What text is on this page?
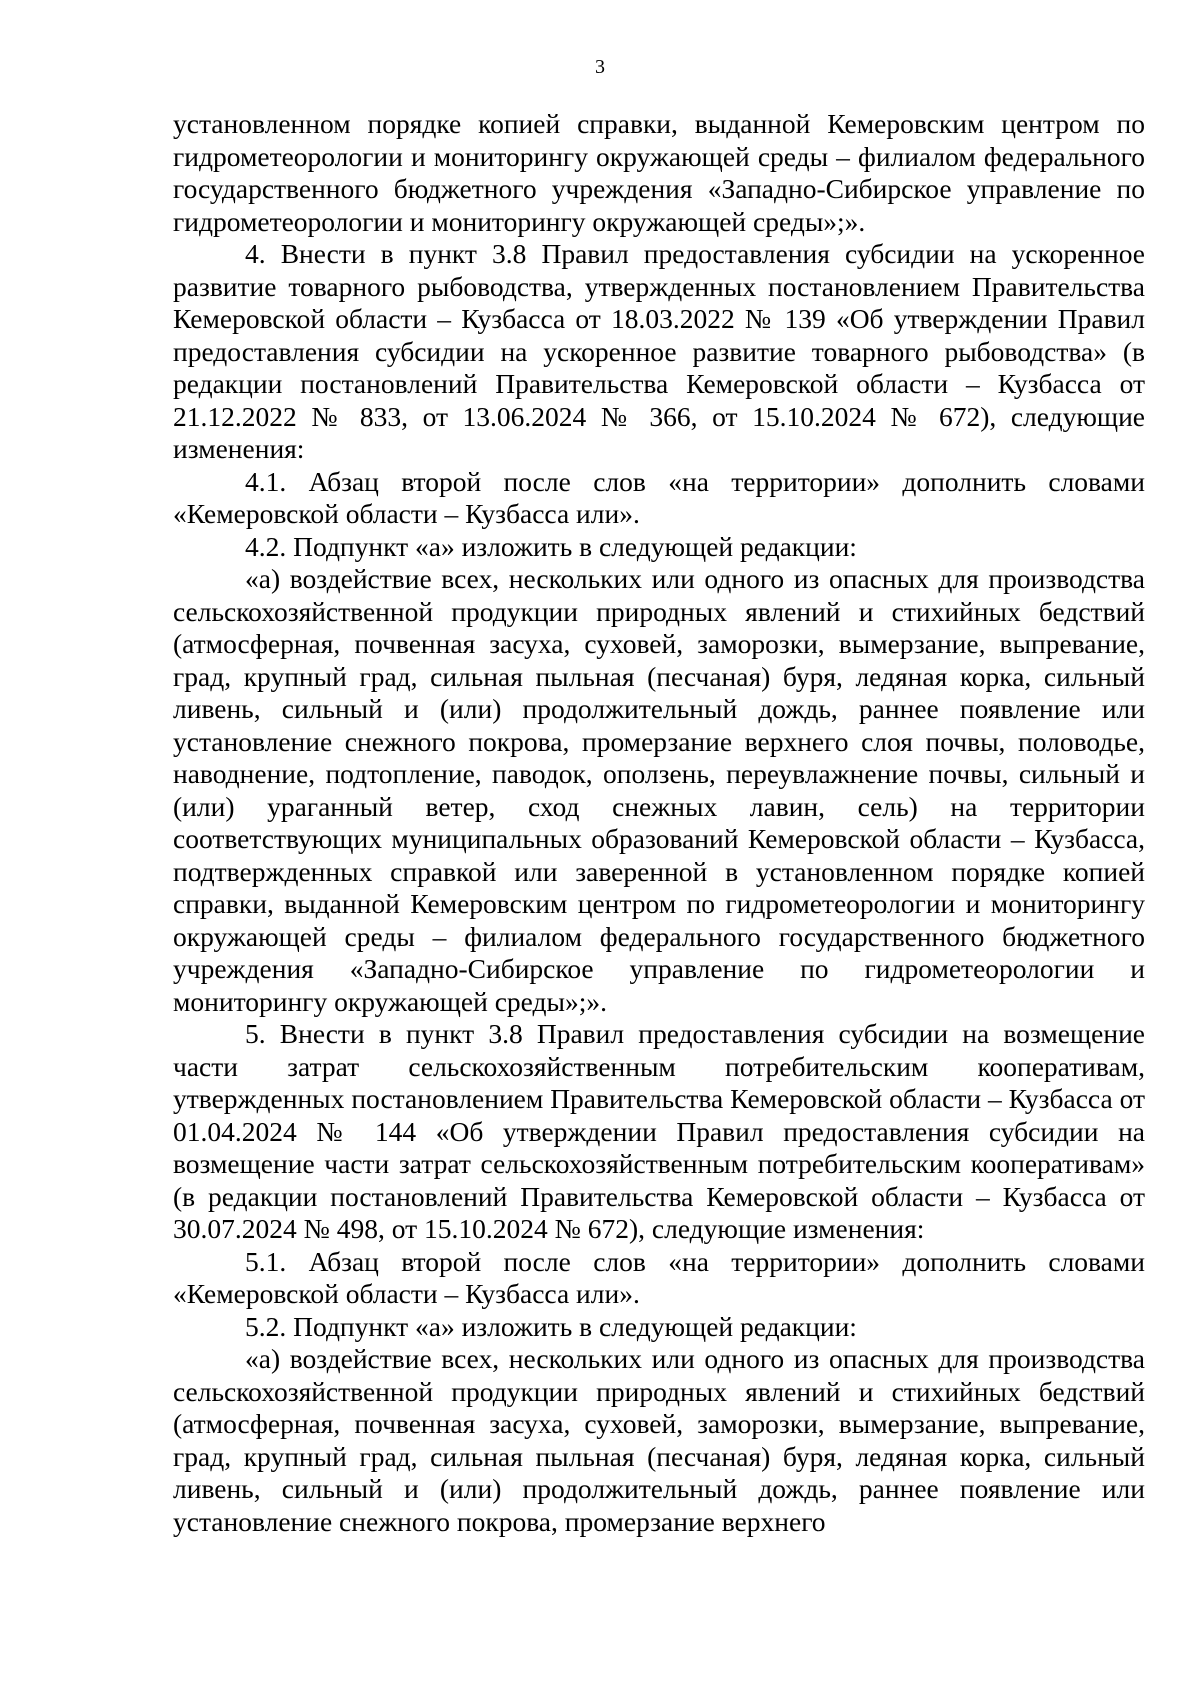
3

установленном порядке копией справки, выданной Кемеровским центром по гидрометеорологии и мониторингу окружающей среды – филиалом федерального государственного бюджетного учреждения «Западно-Сибирское управление по гидрометеорологии и мониторингу окружающей среды»;».

4. Внести в пункт 3.8 Правил предоставления субсидии на ускоренное развитие товарного рыбоводства, утвержденных постановлением Правительства Кемеровской области – Кузбасса от 18.03.2022 № 139 «Об утверждении Правил предоставления субсидии на ускоренное развитие товарного рыбоводства» (в редакции постановлений Правительства Кемеровской области – Кузбасса от 21.12.2022 № 833, от 13.06.2024 № 366, от 15.10.2024 № 672), следующие изменения:

4.1. Абзац второй после слов «на территории» дополнить словами «Кемеровской области – Кузбасса или».

4.2. Подпункт «а» изложить в следующей редакции:

«а) воздействие всех, нескольких или одного из опасных для производства сельскохозяйственной продукции природных явлений и стихийных бедствий (атмосферная, почвенная засуха, суховей, заморозки, вымерзание, выпревание, град, крупный град, сильная пыльная (песчаная) буря, ледяная корка, сильный ливень, сильный и (или) продолжительный дождь, раннее появление или установление снежного покрова, промерзание верхнего слоя почвы, половодье, наводнение, подтопление, паводок, оползень, переувлажнение почвы, сильный и (или) ураганный ветер, сход снежных лавин, сель) на территории соответствующих муниципальных образований Кемеровской области – Кузбасса, подтвержденных справкой или заверенной в установленном порядке копией справки, выданной Кемеровским центром по гидрометеорологии и мониторингу окружающей среды – филиалом федерального государственного бюджетного учреждения «Западно-Сибирское управление по гидрометеорологии и мониторингу окружающей среды»;».

5. Внести в пункт 3.8 Правил предоставления субсидии на возмещение части затрат сельскохозяйственным потребительским кооперативам, утвержденных постановлением Правительства Кемеровской области – Кузбасса от 01.04.2024 № 144 «Об утверждении Правил предоставления субсидии на возмещение части затрат сельскохозяйственным потребительским кооперативам» (в редакции постановлений Правительства Кемеровской области – Кузбасса от 30.07.2024 № 498, от 15.10.2024 № 672), следующие изменения:

5.1. Абзац второй после слов «на территории» дополнить словами «Кемеровской области – Кузбасса или».

5.2. Подпункт «а» изложить в следующей редакции:

«а) воздействие всех, нескольких или одного из опасных для производства сельскохозяйственной продукции природных явлений и стихийных бедствий (атмосферная, почвенная засуха, суховей, заморозки, вымерзание, выпревание, град, крупный град, сильная пыльная (песчаная) буря, ледяная корка, сильный ливень, сильный и (или) продолжительный дождь, раннее появление или установление снежного покрова, промерзание верхнего
